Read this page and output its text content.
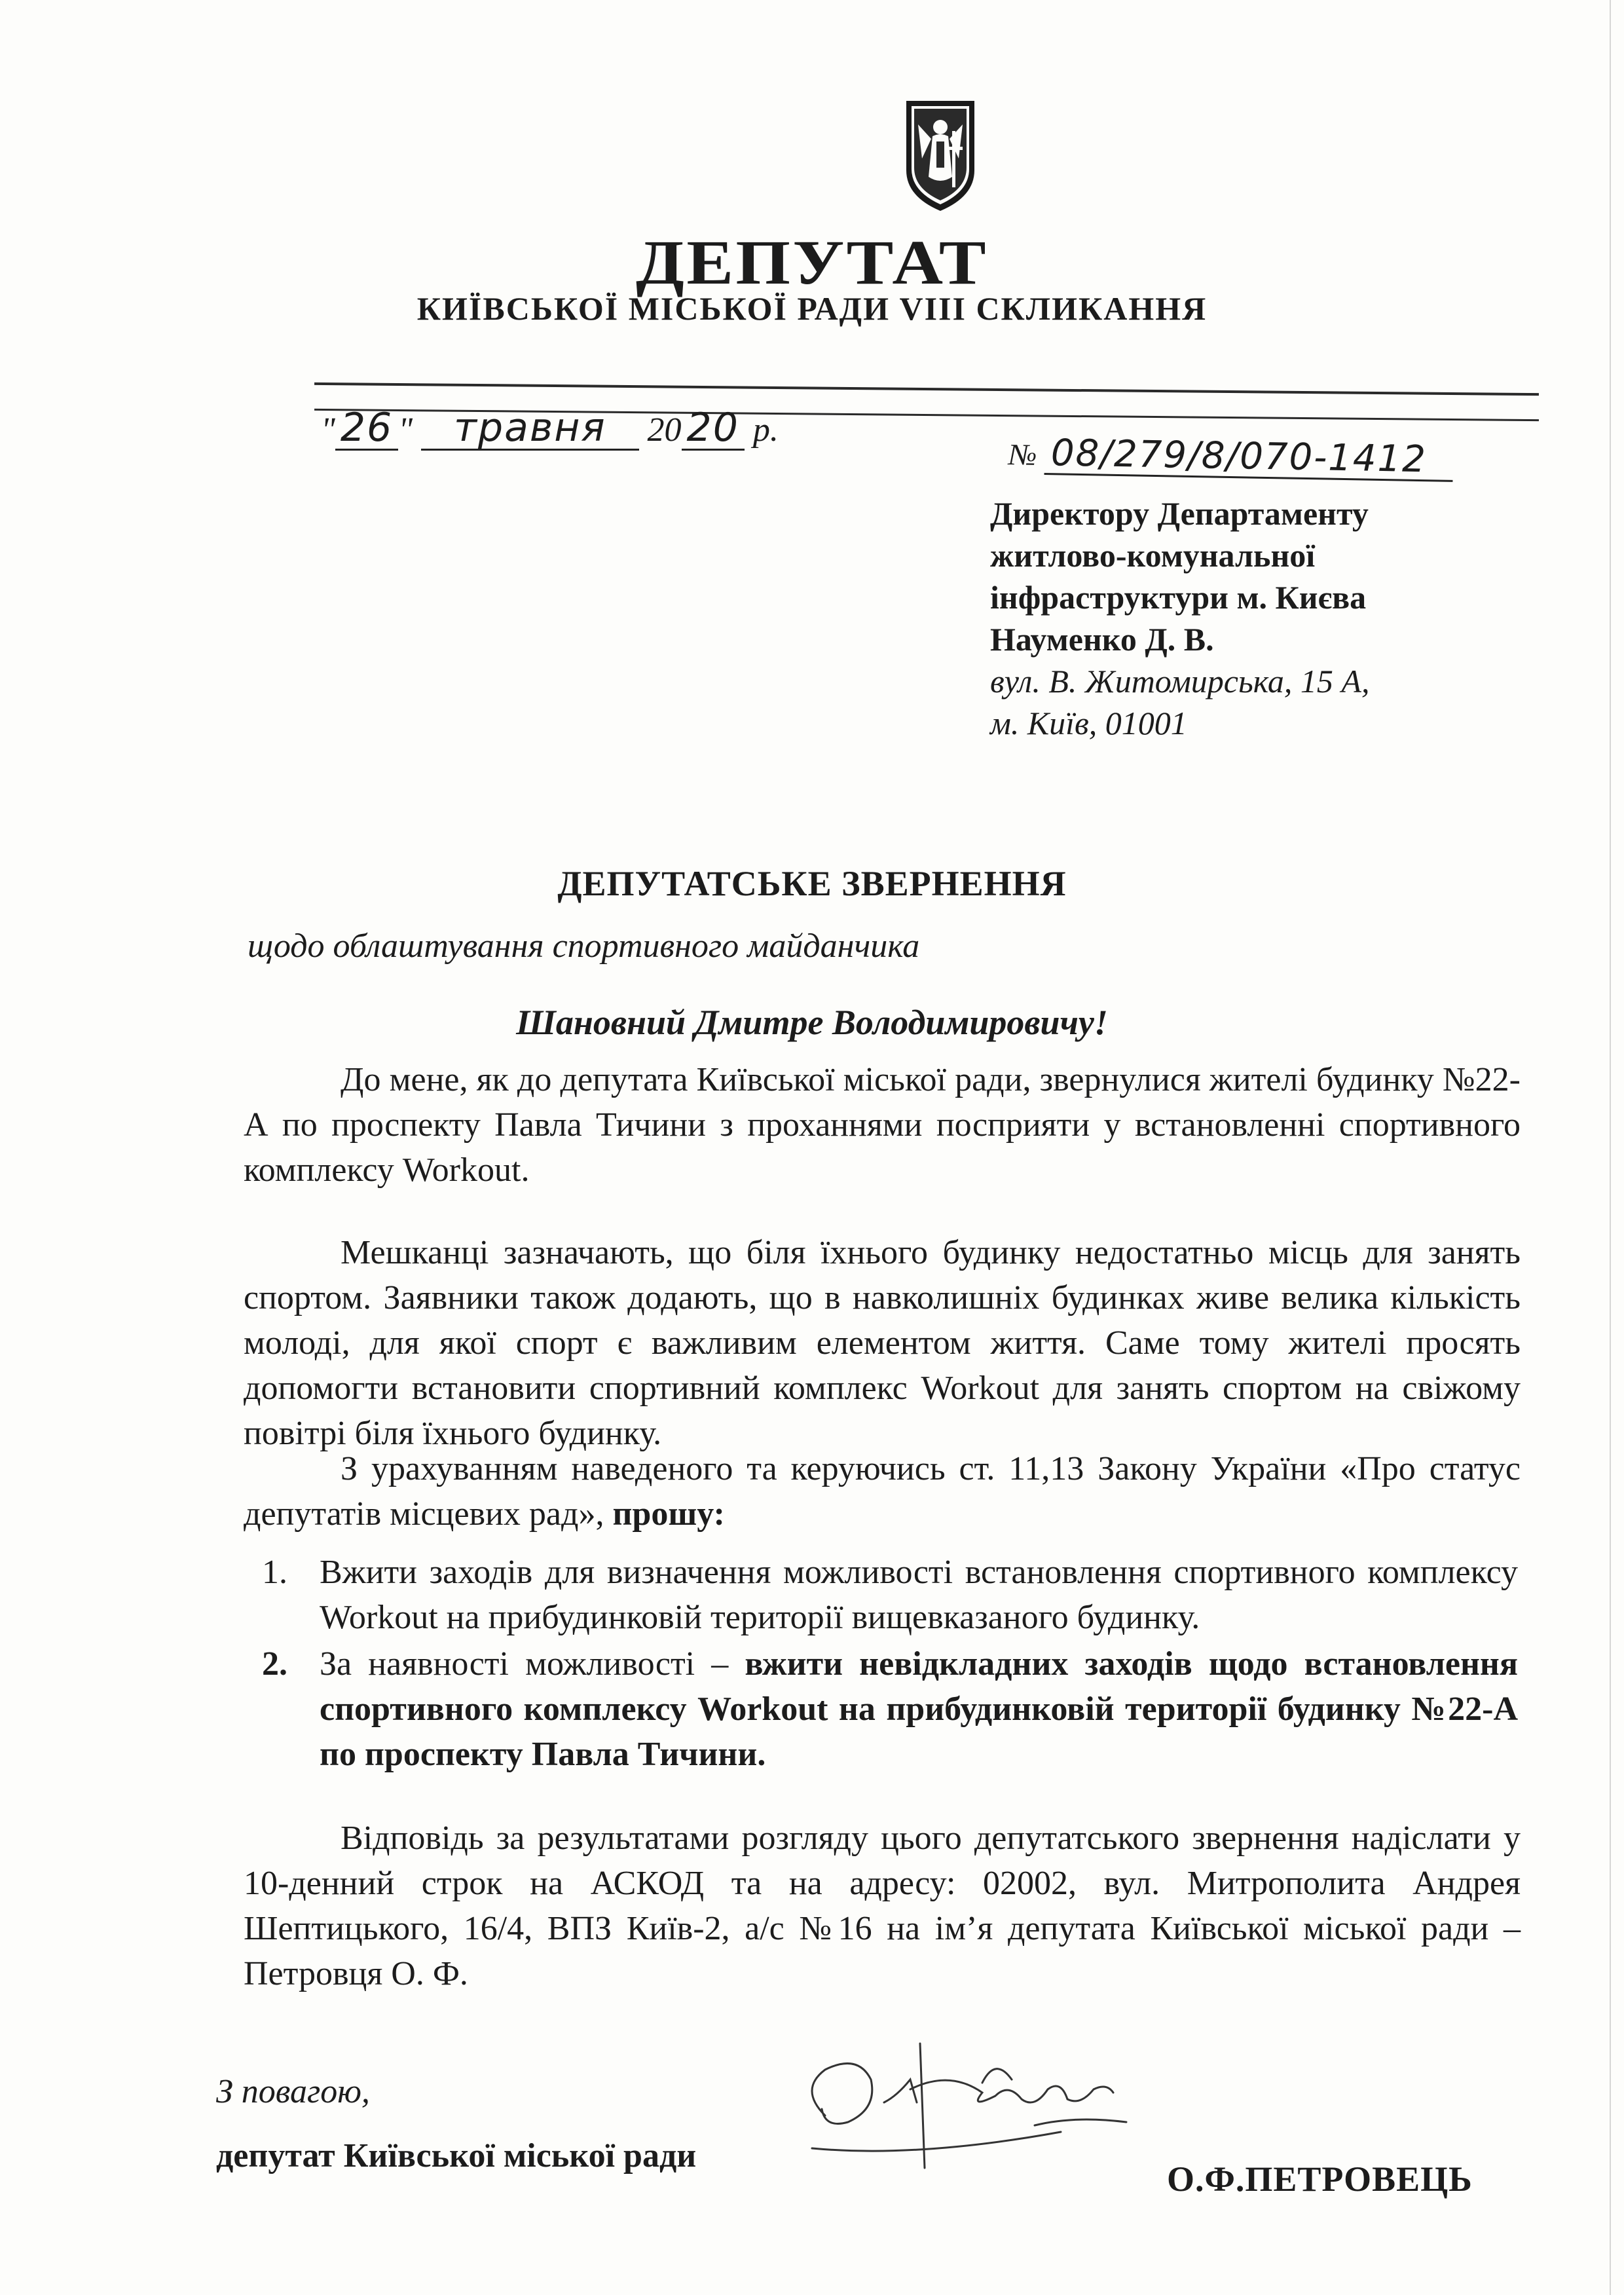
ДЕПУТАТ
КИЇВСЬКОЇ МІСЬКОЇ РАДИ VIII СКЛИКАННЯ
" 26 " травня 20 20 р.
№ 08/279/8/070-1412
Директору Департаменту
житлово-комунальної
інфраструктури м. Києва
Науменко Д. В.
вул. В. Житомирська, 15 А,
м. Київ, 01001
ДЕПУТАТСЬКЕ ЗВЕРНЕННЯ
щодо облаштування спортивного майданчика
Шановний Дмитре Володимировичу!
До мене, як до депутата Київської міської ради, звернулися жителі будинку №22-А по проспекту Павла Тичини з проханнями посприяти у встановленні спортивного комплексу Workout.
Мешканці зазначають, що біля їхнього будинку недостатньо місць для занять спортом. Заявники також додають, що в навколишніх будинках живе велика кількість молоді, для якої спорт є важливим елементом життя. Саме тому жителі просять допомогти встановити спортивний комплекс Workout для занять спортом на свіжому повітрі біля їхнього будинку.
З урахуванням наведеного та керуючись ст. 11,13 Закону України «Про статус депутатів місцевих рад», прошу:
1. Вжити заходів для визначення можливості встановлення спортивного комплексу Workout на прибудинковій території вищевказаного будинку.
2. За наявності можливості – вжити невідкладних заходів щодо встановлення спортивного комплексу Workout на прибудинковій території будинку №22-А по проспекту Павла Тичини.
Відповідь за результатами розгляду цього депутатського звернення надіслати у 10-денний строк на АСКОД та на адресу: 02002, вул. Митрополита Андрея Шептицького, 16/4, ВПЗ Київ-2, а/с №16 на ім’я депутата Київської міської ради – Петровця О. Ф.
З повагою,
депутат Київської міської ради
О.Ф.ПЕТРОВЕЦЬ
